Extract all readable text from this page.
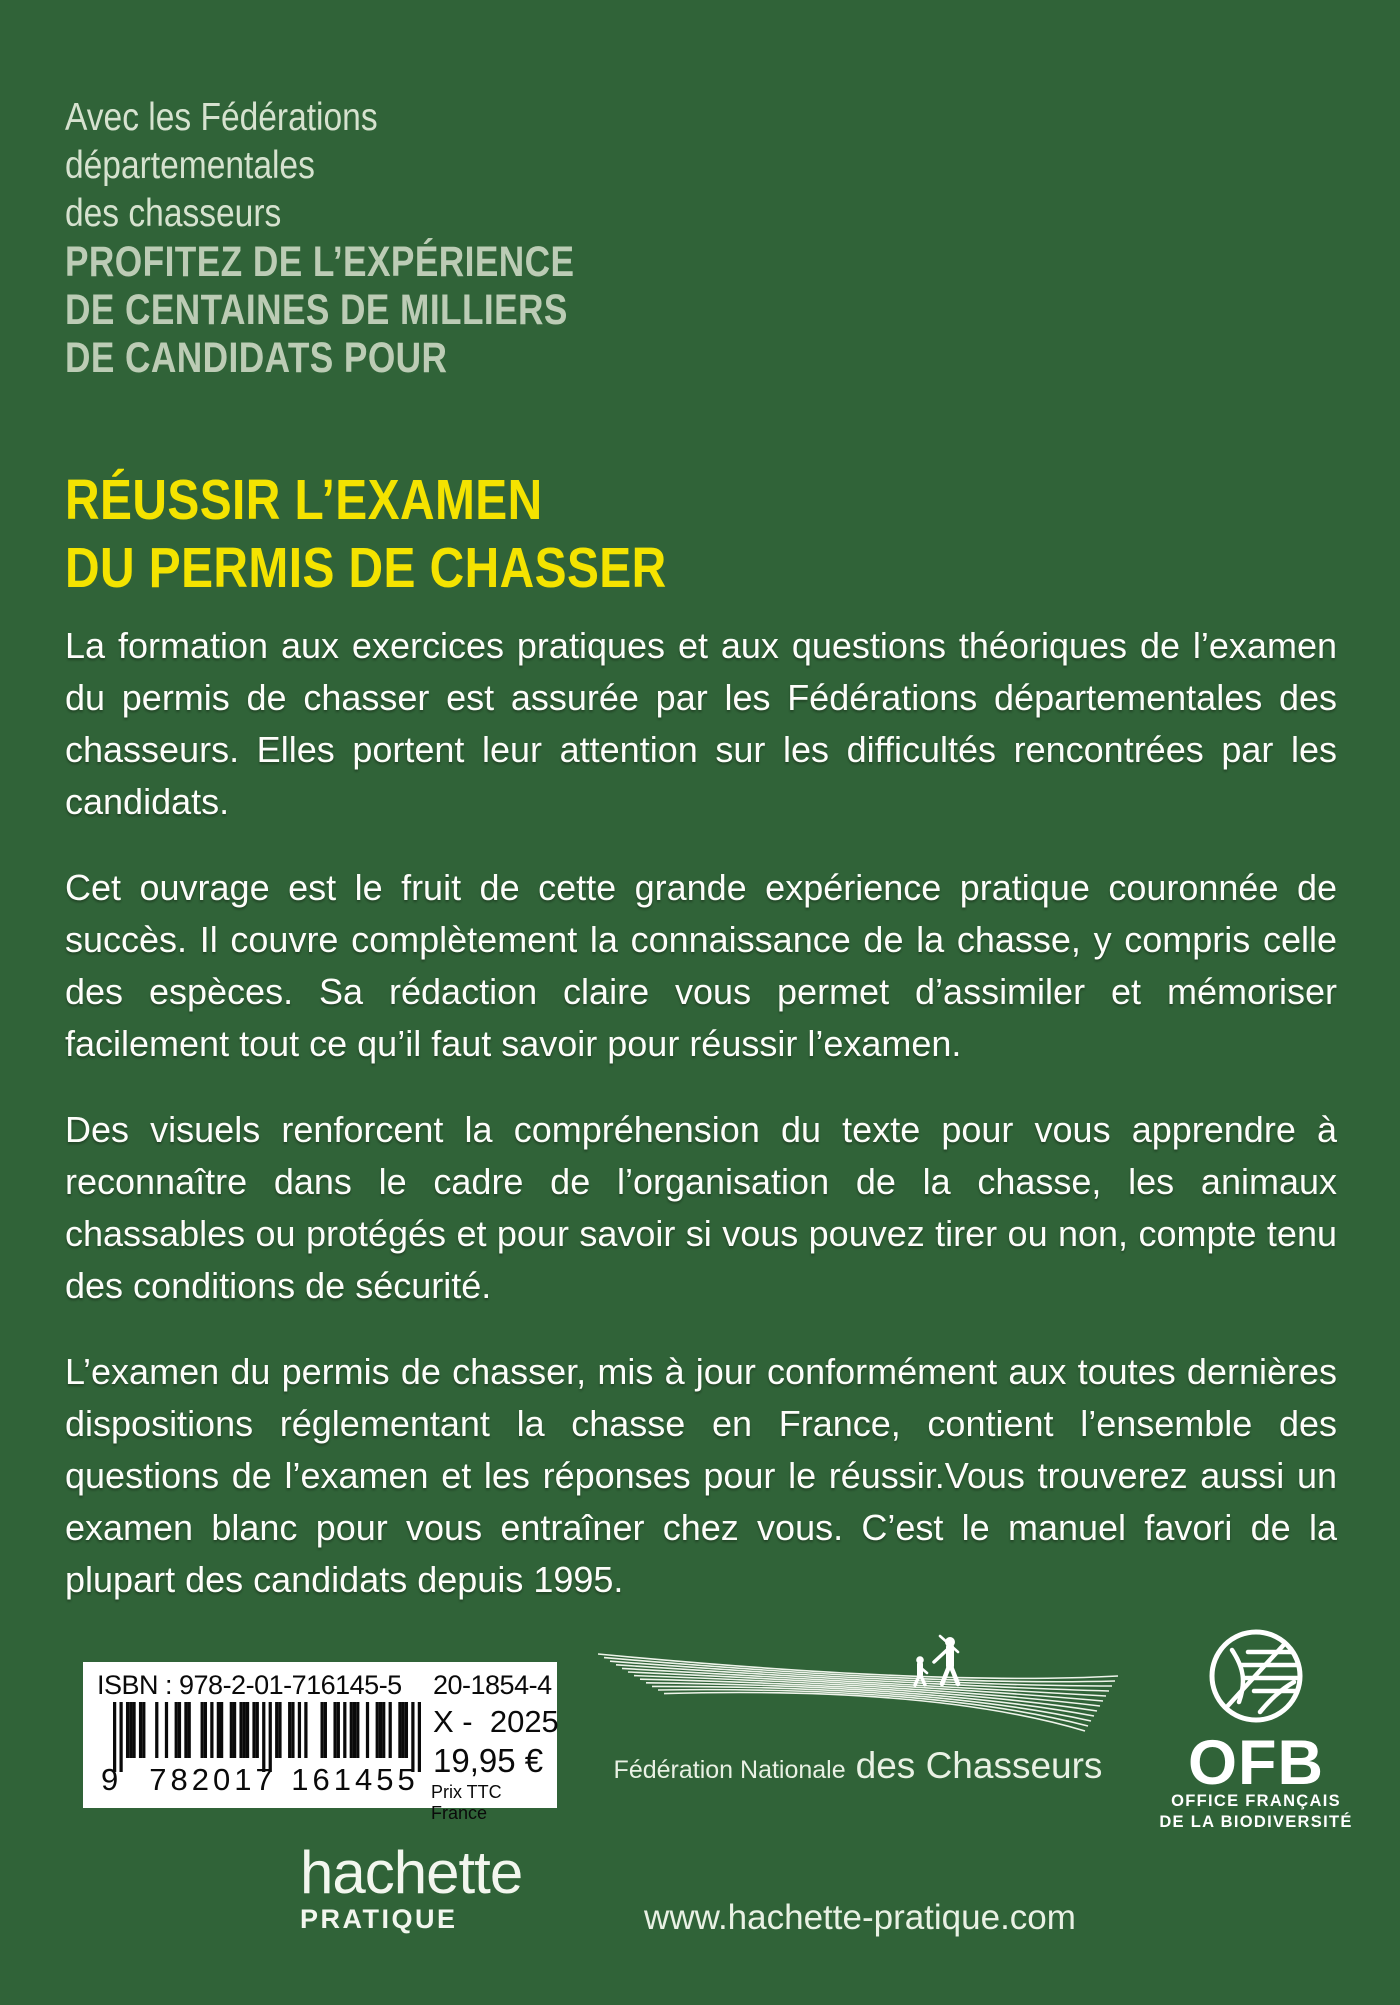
Avec les Fédérations
départementales
des chasseurs
PROFITEZ DE L’EXPÉRIENCE
DE CENTAINES DE MILLIERS
DE CANDIDATS POUR
RÉUSSIR L’EXAMEN
DU PERMIS DE CHASSER

La formation aux exercices pratiques et aux questions théoriques de l’examen du permis de chasser est assurée par les Fédérations départementales des chasseurs. Elles portent leur attention sur les difficultés rencontrées par les candidats.

Cet ouvrage est le fruit de cette grande expérience pratique couronnée de succès. Il couvre complètement la connaissance de la chasse, y compris celle des espèces. Sa rédaction claire vous permet d’assimiler et mémoriser facilement tout ce qu’il faut savoir pour réussir l’examen.

Des visuels renforcent la compréhension du texte pour vous apprendre à reconnaître dans le cadre de l’organisation de la chasse, les animaux chassables ou protégés et pour savoir si vous pouvez tirer ou non, compte tenu des conditions de sécurité.

L’examen du permis de chasser, mis à jour conformément aux toutes dernières dispositions réglementant la chasse en France, contient l’ensemble des questions de l’examen et les réponses pour le réussir.Vous trouverez aussi un examen blanc pour vous entraîner chez vous. C’est le manuel favori de la plupart des candidats depuis 1995.

ISBN : 978-2-01-716145-5 20-1854-4
X -  2025
19,95 €
Prix TTC France
9 782017 161455	Fédération Nationale des Chasseurs	OFB
OFFICE FRANÇAIS
DE LA BIODIVERSITÉ
hachette
PRATIQUE	www.hachette-pratique.com
